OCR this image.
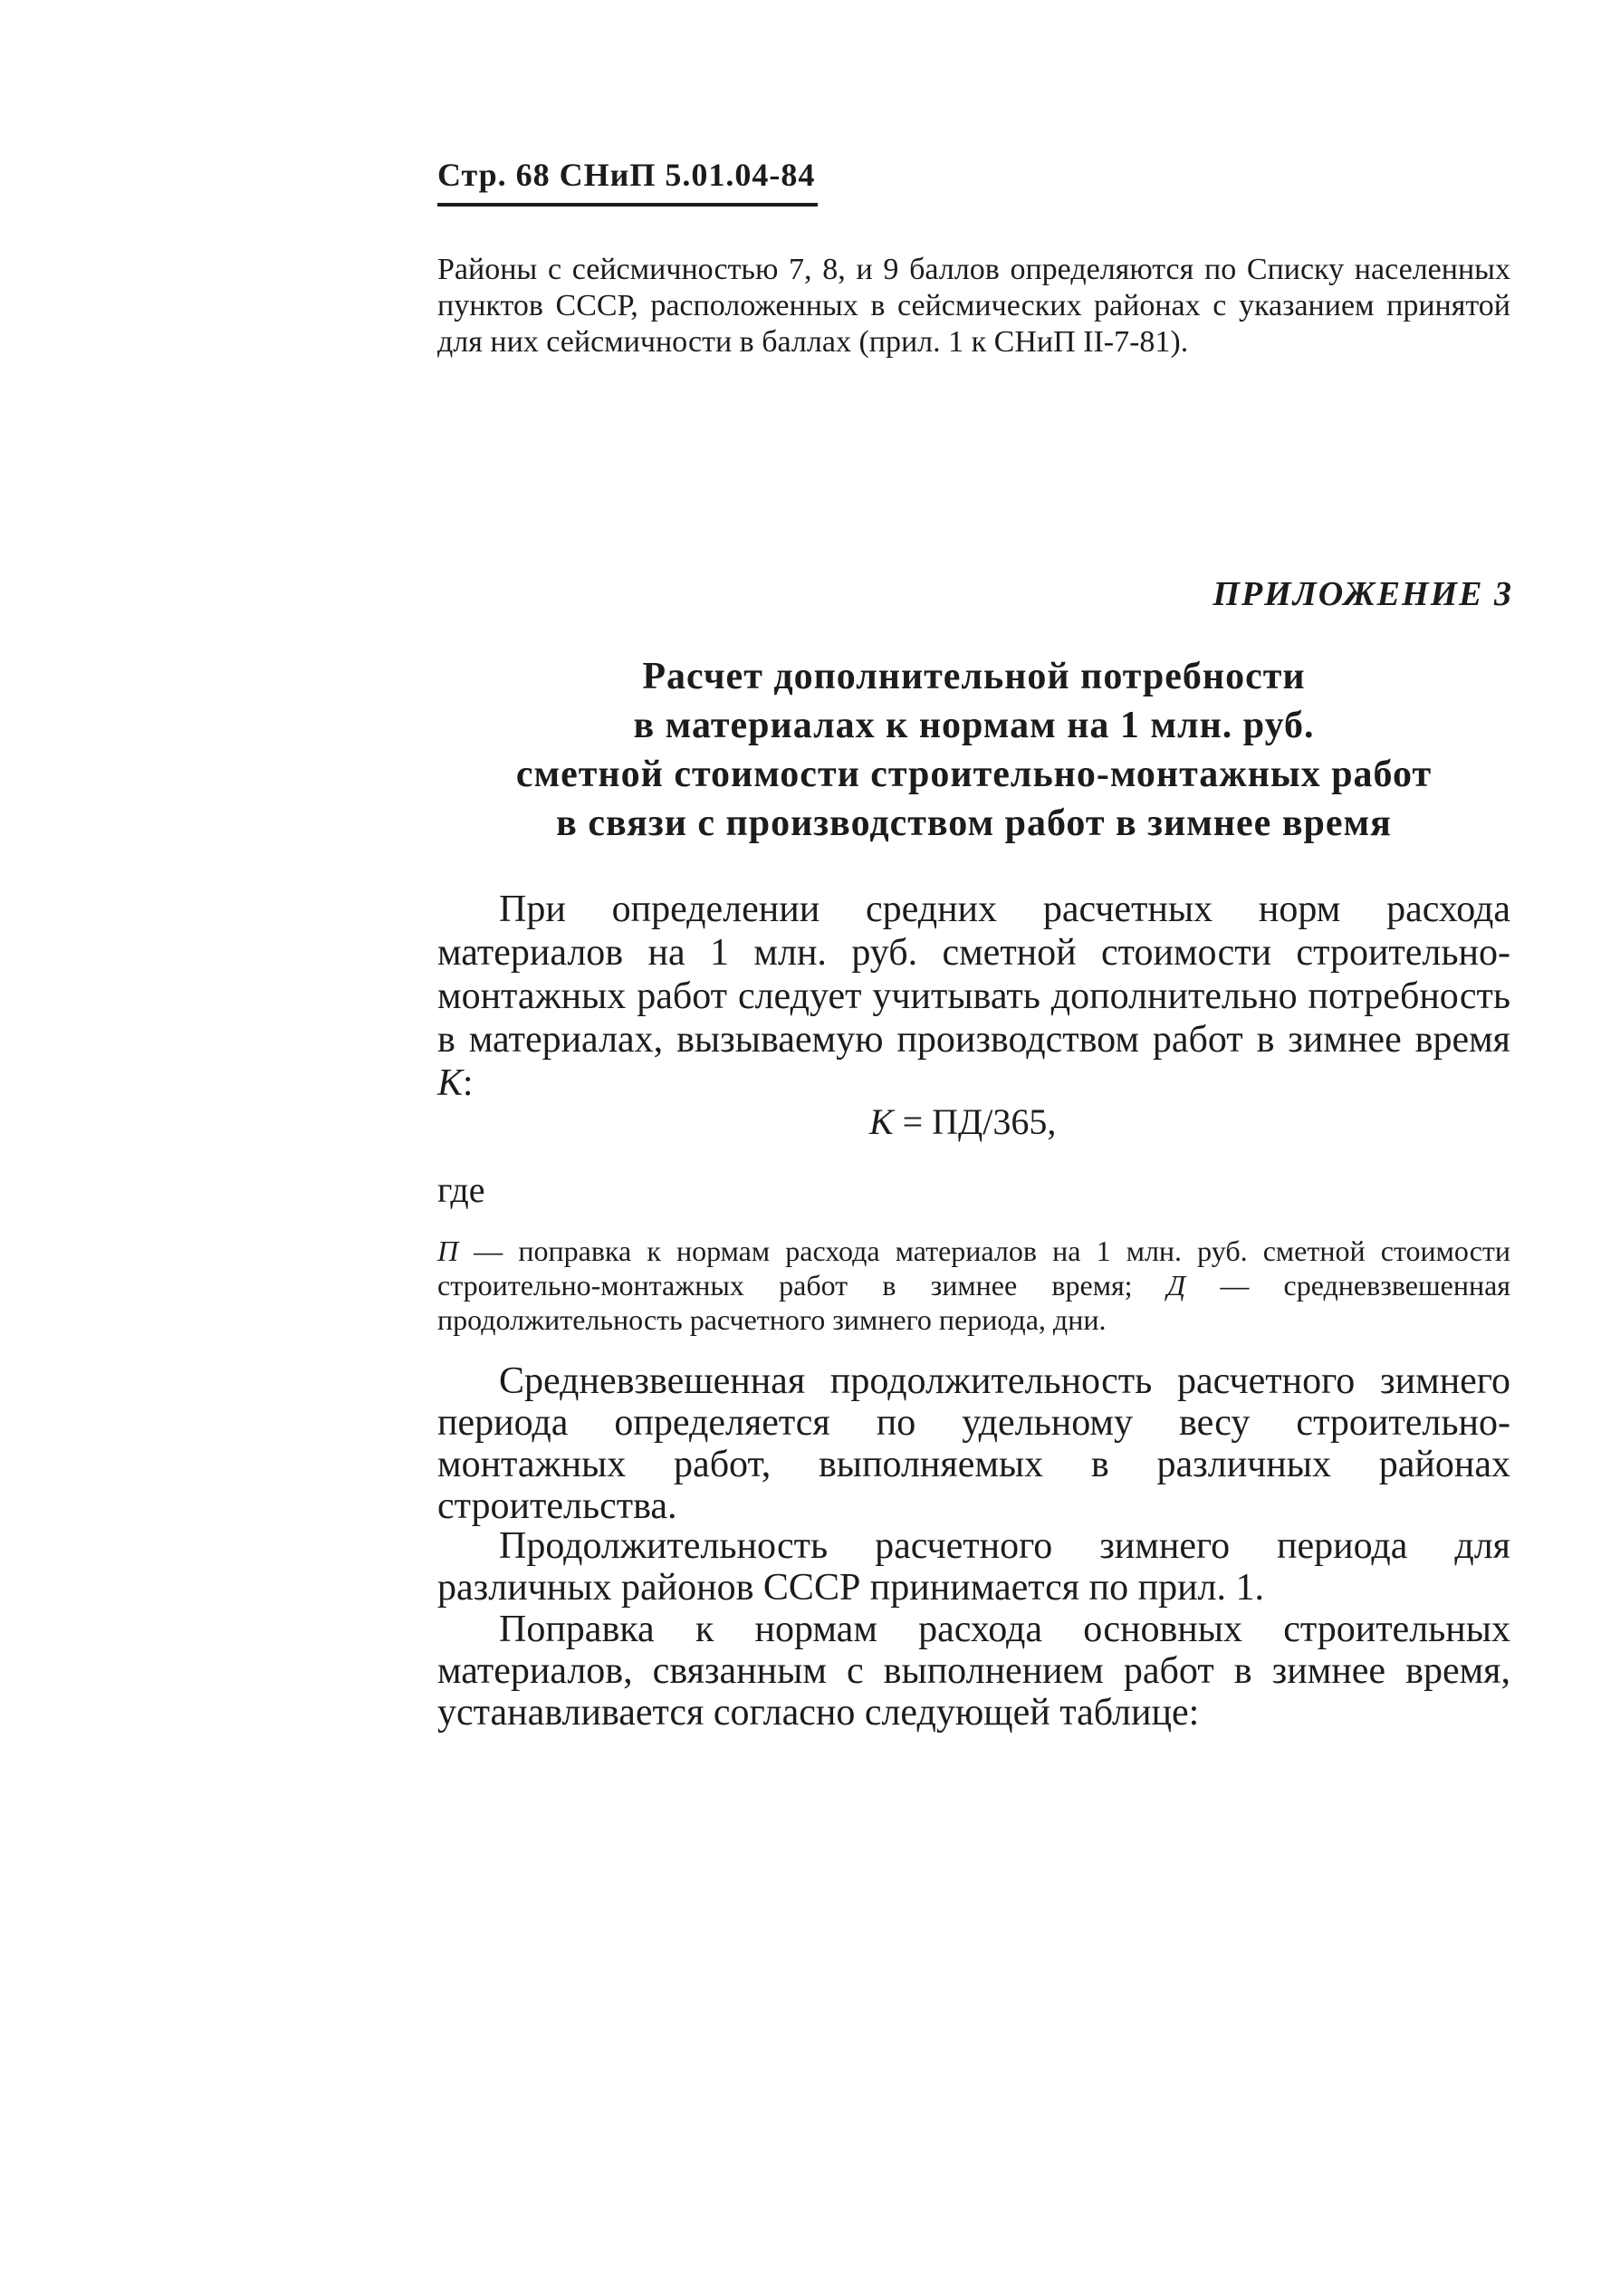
Стр. 68 СНиП 5.01.04-84

Районы с сейсмичностью 7, 8, и 9 баллов определяются по Списку населенных пунктов СССР, расположенных в сейсмических районах с указанием принятой для них сейсмичности в баллах (прил. 1 к СНиП II-7-81).

ПРИЛОЖЕНИЕ 3
Расчет дополнительной потребности
в материалах к нормам на 1 млн. руб.
сметной стоимости строительно-монтажных работ
в связи с производством работ в зимнее время

При определении средних расчетных норм расхода материалов на 1 млн. руб. сметной стоимости строительно-монтажных работ следует учитывать дополнительно потребность в материалах, вызываемую производством работ в зимнее время К:

К = ПД/365,
где

П — поправка к нормам расхода материалов на 1 млн. руб. сметной стоимости строительно-монтажных работ в зимнее время; Д — средневзвешенная продолжительность расчетного зимнего периода, дни.

Средневзвешенная продолжительность расчетного зимнего периода определяется по удельному весу строительно-монтажных работ, выполняемых в различных районах строительства.

Продолжительность расчетного зимнего периода для различных районов СССР принимается по прил. 1.

Поправка к нормам расхода основных строительных материалов, связанным с выполнением работ в зимнее время, устанавливается согласно следующей таблице:
